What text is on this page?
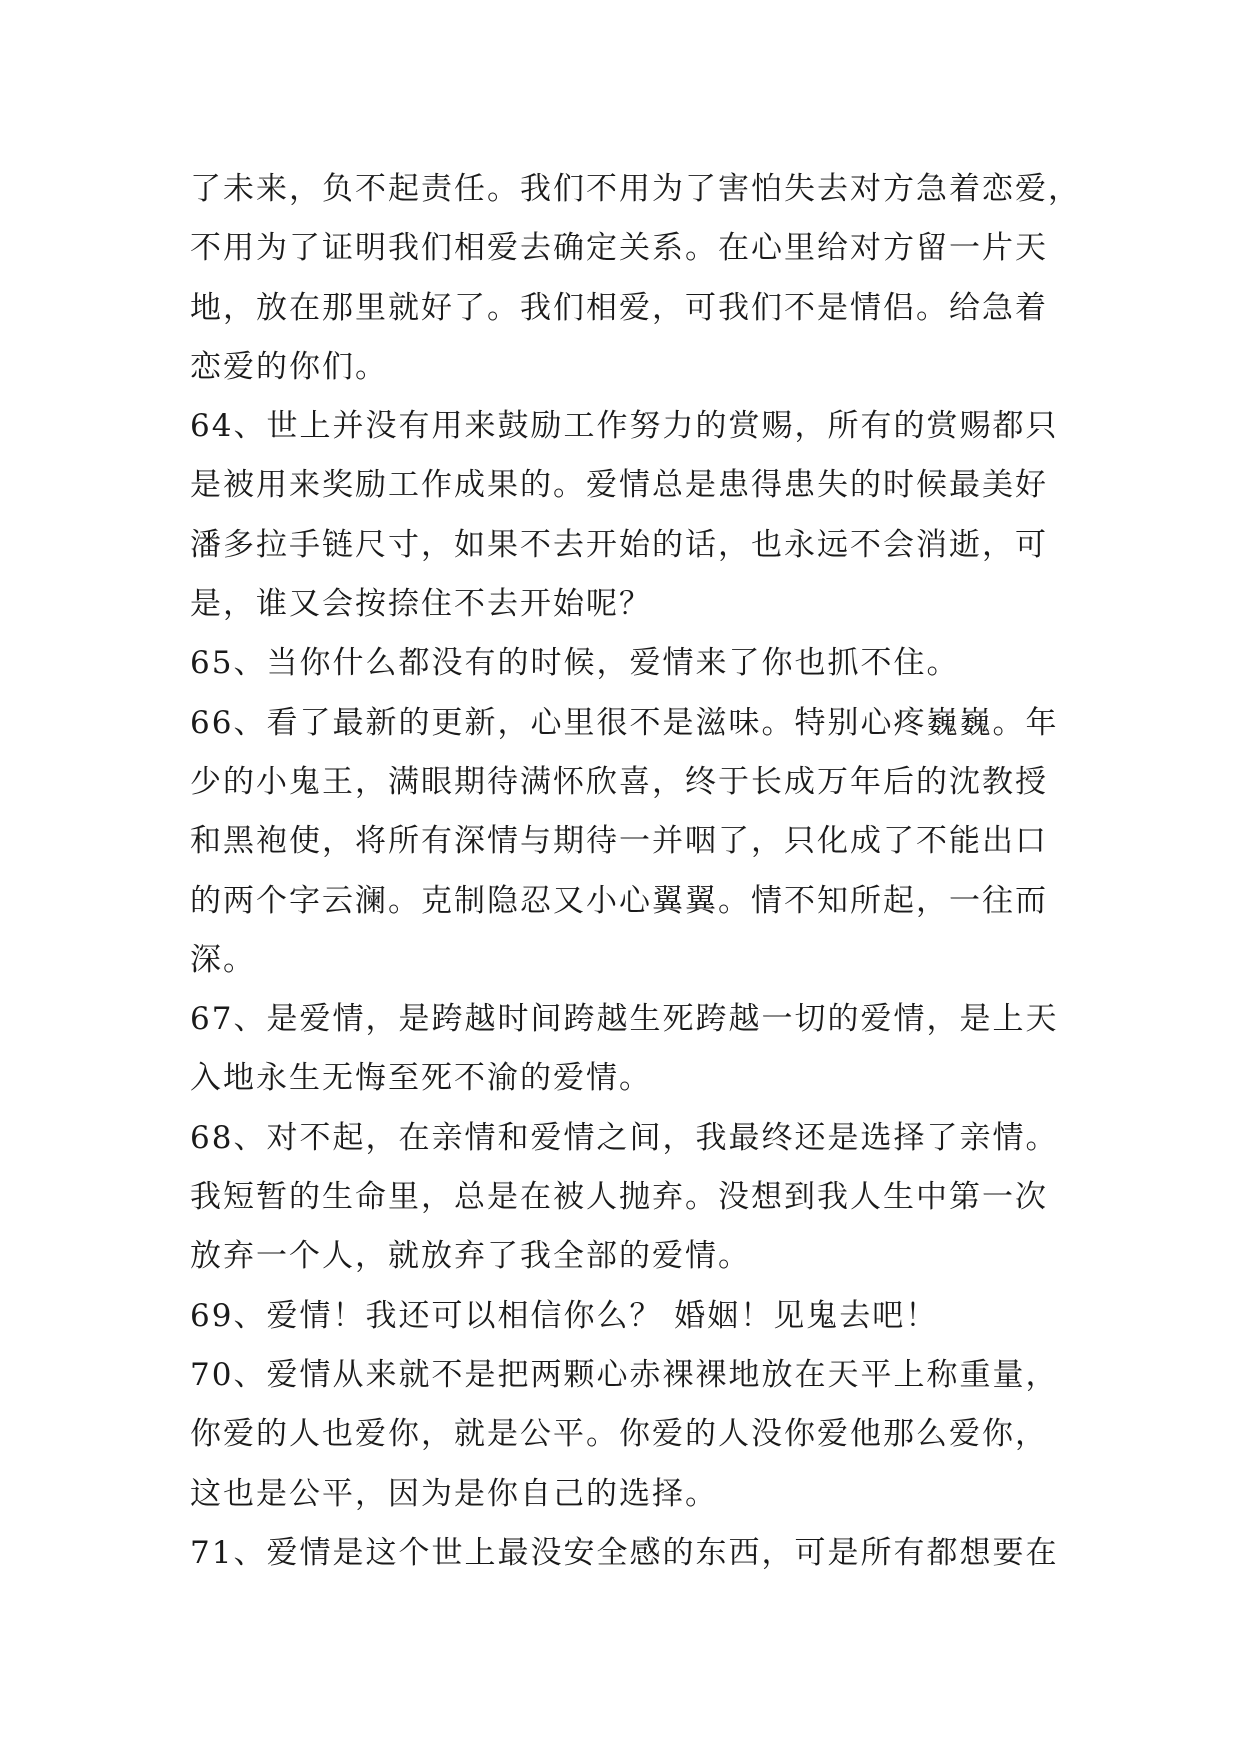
了未来，负不起责任。我们不用为了害怕失去对方急着恋爱，
不用为了证明我们相爱去确定关系。在心里给对方留一片天
地，放在那里就好了。我们相爱，可我们不是情侣。给急着
恋爱的你们。
64、世上并没有用来鼓励工作努力的赏赐，所有的赏赐都只
是被用来奖励工作成果的。爱情总是患得患失的时候最美好
潘多拉手链尺寸，如果不去开始的话，也永远不会消逝，可
是，谁又会按捺住不去开始呢？
65、当你什么都没有的时候，爱情来了你也抓不住。
66、看了最新的更新，心里很不是滋味。特别心疼巍巍。年
少的小鬼王，满眼期待满怀欣喜，终于长成万年后的沈教授
和黑袍使，将所有深情与期待一并咽了，只化成了不能出口
的两个字云澜。克制隐忍又小心翼翼。情不知所起，一往而
深。
67、是爱情，是跨越时间跨越生死跨越一切的爱情，是上天
入地永生无悔至死不渝的爱情。
68、对不起，在亲情和爱情之间，我最终还是选择了亲情。
我短暂的生命里，总是在被人抛弃。没想到我人生中第一次
放弃一个人，就放弃了我全部的爱情。
69、爱情！我还可以相信你么？ 婚姻！见鬼去吧！
70、爱情从来就不是把两颗心赤裸裸地放在天平上称重量，
你爱的人也爱你，就是公平。你爱的人没你爱他那么爱你，
这也是公平，因为是你自己的选择。
71、爱情是这个世上最没安全感的东西，可是所有都想要在
